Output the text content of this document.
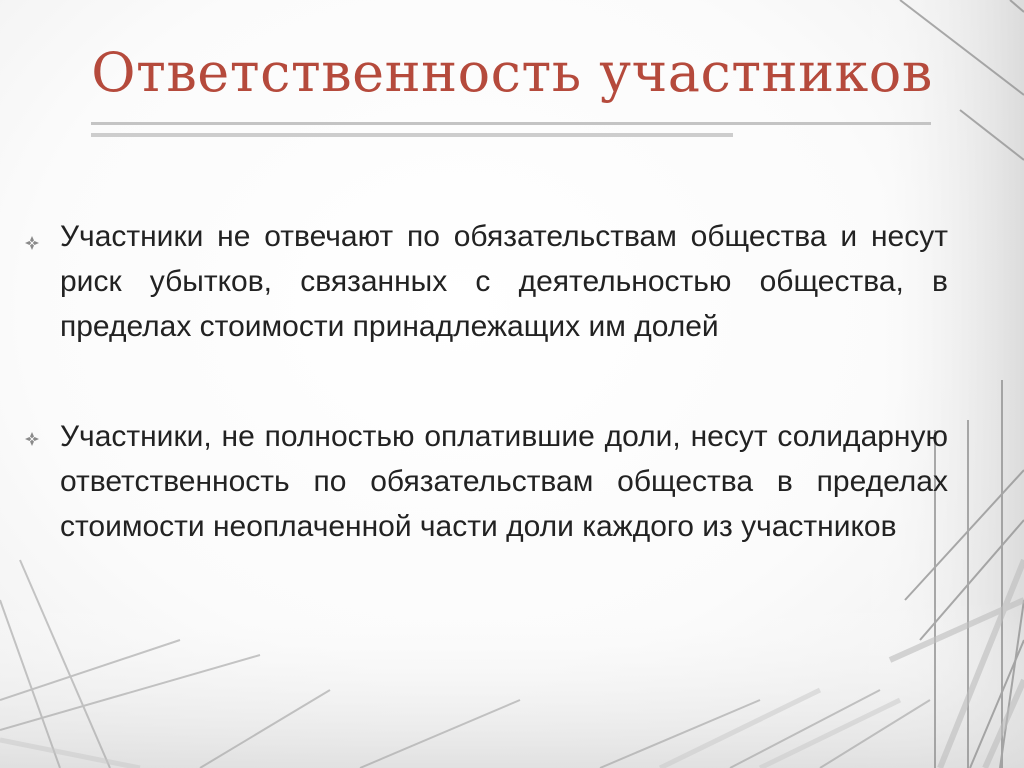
Ответственность участников

Участники не отвечают по обязательствам общества и несут риск убытков, связанных с деятельностью общества, в пределах стоимости принадлежащих им долей

Участники, не полностью оплатившие доли, несут солидарную ответственность по обязательствам общества в пределах стоимости неоплаченной части доли каждого из участников
